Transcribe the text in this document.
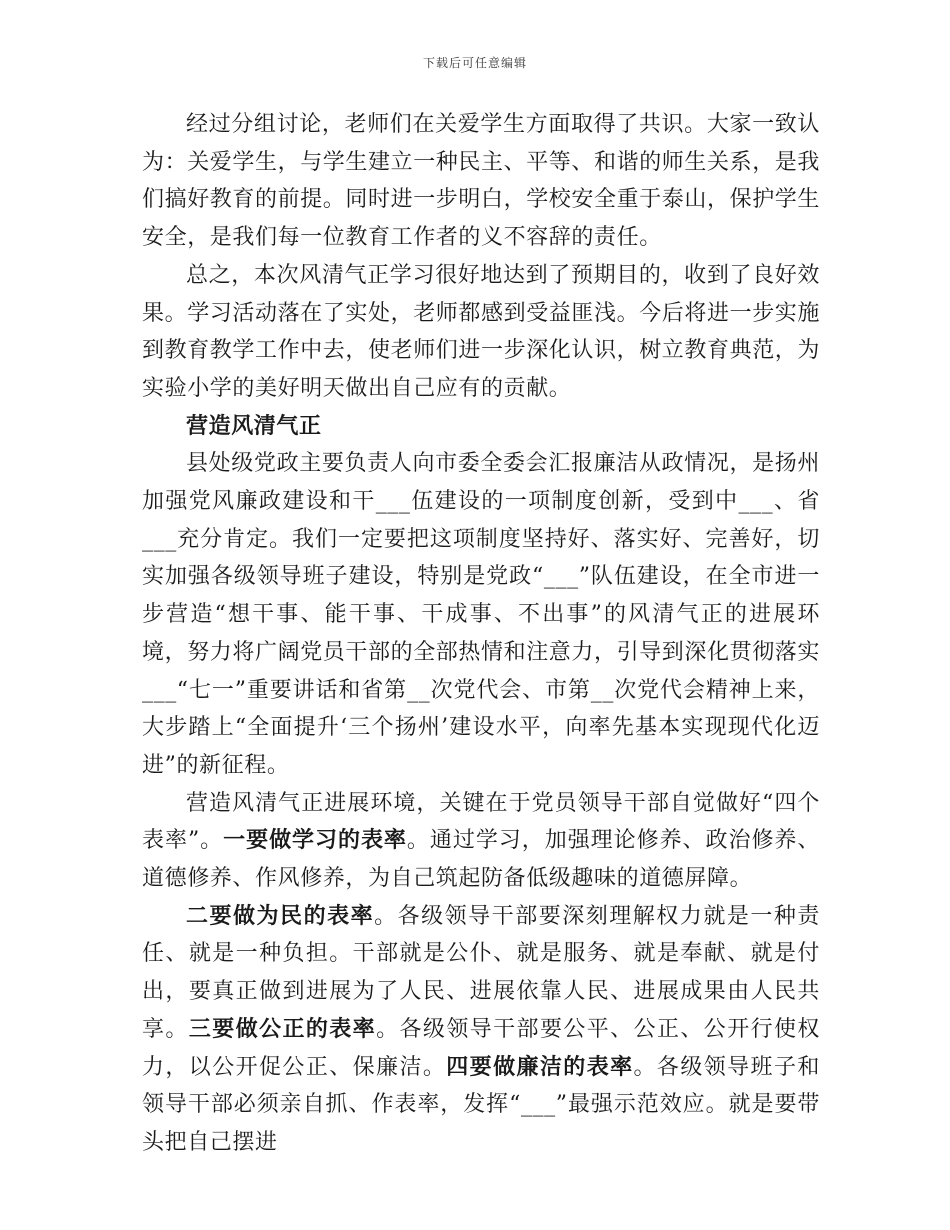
下载后可任意编辑

经过分组讨论，老师们在关爱学生方面取得了共识。大家一致认为：关爱学生，与学生建立一种民主、平等、和谐的师生关系，是我们搞好教育的前提。同时进一步明白，学校安全重于泰山，保护学生安全，是我们每一位教育工作者的义不容辞的责任。

总之，本次风清气正学习很好地达到了预期目的，收到了良好效果。学习活动落在了实处，老师都感到受益匪浅。今后将进一步实施到教育教学工作中去，使老师们进一步深化认识，树立教育典范，为实验小学的美好明天做出自己应有的贡献。

营造风清气正

县处级党政主要负责人向市委全委会汇报廉洁从政情况，是扬州加强党风廉政建设和干___伍建设的一项制度创新，受到中___、省___充分肯定。我们一定要把这项制度坚持好、落实好、完善好，切实加强各级领导班子建设，特别是党政“___”队伍建设，在全市进一步营造“想干事、能干事、干成事、不出事”的风清气正的进展环境，努力将广阔党员干部的全部热情和注意力，引导到深化贯彻落实___“七一”重要讲话和省第__次党代会、市第__次党代会精神上来，大步踏上“全面提升‘三个扬州’建设水平，向率先基本实现现代化迈进”的新征程。

营造风清气正进展环境，关键在于党员领导干部自觉做好“四个表率”。一要做学习的表率。通过学习，加强理论修养、政治修养、道德修养、作风修养，为自己筑起防备低级趣味的道德屏障。

二要做为民的表率。各级领导干部要深刻理解权力就是一种责任、就是一种负担。干部就是公仆、就是服务、就是奉献、就是付出，要真正做到进展为了人民、进展依靠人民、进展成果由人民共享。三要做公正的表率。各级领导干部要公平、公正、公开行使权力，以公开促公正、保廉洁。四要做廉洁的表率。各级领导班子和领导干部必须亲自抓、作表率，发挥“___”最强示范效应。就是要带头把自己摆进
